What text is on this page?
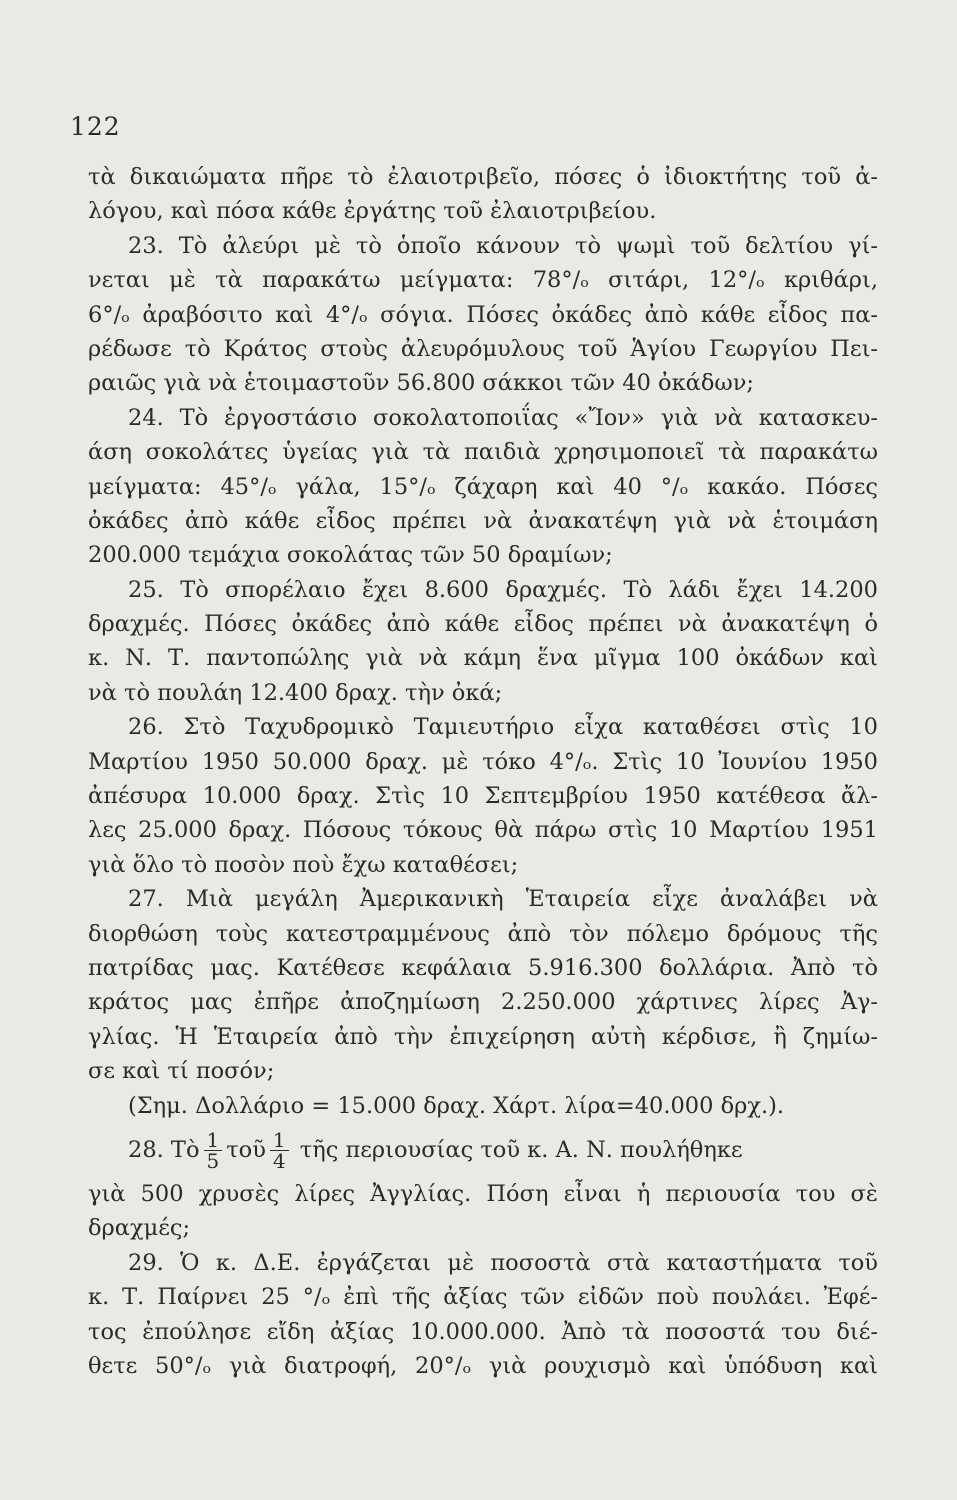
122
τὰ δικαιώματα πῆρε τὸ ἐλαιοτριβεῖο, πόσες ὁ ἰδιοκτήτης τοῦ ἀ-
λόγου, καὶ πόσα κάθε ἐργάτης τοῦ ἐλαιοτριβείου.
23. Τὸ ἀλεύρι μὲ τὸ ὁποῖο κάνουν τὸ ψωμὶ τοῦ δελτίου γί-
νεται μὲ τὰ παρακάτω μείγματα: 78°/ₒ σιτάρι, 12°/ₒ κριθάρι,
6°/ₒ ἀραβόσιτο καὶ 4°/ₒ σόγια. Πόσες ὀκάδες ἀπὸ κάθε εἶδος πα-
ρέδωσε τὸ Κράτος στοὺς ἀλευρόμυλους τοῦ Ἁγίου Γεωργίου Πει-
ραιῶς γιὰ νὰ ἑτοιμαστοῦν 56.800 σάκκοι τῶν 40 ὀκάδων;
24. Τὸ ἐργοστάσιο σοκολατοποιΐας «Ἴον» γιὰ νὰ κατασκευ-
άση σοκολάτες ὑγείας γιὰ τὰ παιδιὰ χρησιμοποιεῖ τὰ παρακάτω
μείγματα: 45°/ₒ γάλα, 15°/ₒ ζάχαρη καὶ 40 °/ₒ κακάο. Πόσες
ὀκάδες ἀπὸ κάθε εἶδος πρέπει νὰ ἀνακατέψη γιὰ νὰ ἑτοιμάση
200.000 τεμάχια σοκολάτας τῶν 50 δραμίων;
25. Τὸ σπορέλαιο ἔχει 8.600 δραχμές. Τὸ λάδι ἔχει 14.200
δραχμές. Πόσες ὀκάδες ἀπὸ κάθε εἶδος πρέπει νὰ ἀνακατέψη ὁ
κ. Ν. Τ. παντοπώλης γιὰ νὰ κάμη ἕνα μῖγμα 100 ὀκάδων καὶ
νὰ τὸ πουλάη 12.400 δραχ. τὴν ὀκά;
26. Στὸ Ταχυδρομικὸ Ταμιευτήριο εἶχα καταθέσει στὶς 10
Μαρτίου 1950 50.000 δραχ. μὲ τόκο 4°/ₒ. Στὶς 10 Ἰουνίου 1950
ἀπέσυρα 10.000 δραχ. Στὶς 10 Σεπτεμβρίου 1950 κατέθεσα ἄλ-
λες 25.000 δραχ. Πόσους τόκους θὰ πάρω στὶς 10 Μαρτίου 1951
γιὰ ὅλο τὸ ποσὸν ποὺ ἔχω καταθέσει;
27. Μιὰ μεγάλη Ἀμερικανικὴ Ἑταιρεία εἶχε ἀναλάβει νὰ
διορθώση τοὺς κατεστραμμένους ἀπὸ τὸν πόλεμο δρόμους τῆς
πατρίδας μας. Κατέθεσε κεφάλαια 5.916.300 δολλάρια. Ἀπὸ τὸ
κράτος μας ἐπῆρε ἀποζημίωση 2.250.000 χάρτινες λίρες Ἀγ-
γλίας. Ἡ Ἑταιρεία ἀπὸ τὴν ἐπιχείρηση αὐτὴ κέρδισε, ἢ ζημίω-
σε καὶ τί ποσόν;
(Σημ. Δολλάριο = 15.000 δραχ. Χάρτ. λίρα=40.000 δρχ.).
28. Τὸ $\frac{1}{5}$ τοῦ $\frac{1}{4}$ τῆς περιουσίας τοῦ κ. Α. Ν. πουλήθηκε
γιὰ 500 χρυσὲς λίρες Ἀγγλίας. Πόση εἶναι ἡ περιουσία του σὲ
δραχμές;
29. Ὁ κ. Δ.Ε. ἐργάζεται μὲ ποσοστὰ στὰ καταστήματα τοῦ
κ. Τ. Παίρνει 25 °/ₒ ἐπὶ τῆς ἀξίας τῶν εἰδῶν ποὺ πουλάει. Ἐφέ-
τος ἐπούλησε εἴδη ἀξίας 10.000.000. Ἀπὸ τὰ ποσοστά του διέ-
θετε 50°/ₒ γιὰ διατροφή, 20°/ₒ γιὰ ρουχισμὸ καὶ ὑπόδυση καὶ
